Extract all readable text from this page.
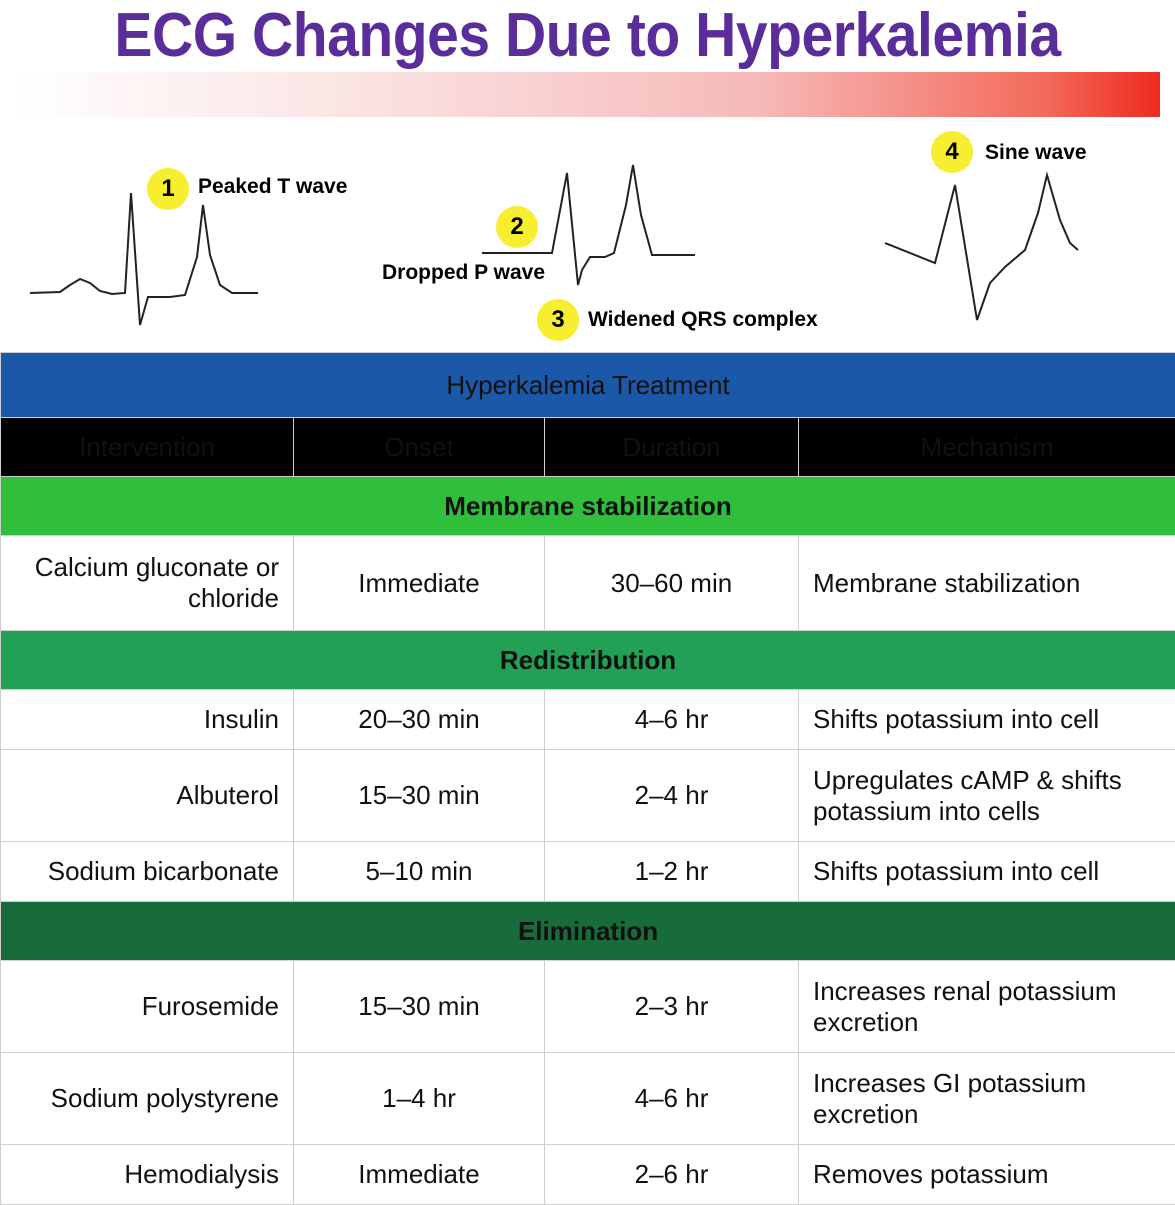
ECG Changes Due to Hyperkalemia
1	Peaked T wave
2
Dropped P wave
3	Widened QRS complex
4	Sine wave
Hyperkalemia Treatment			
Intervention	Onset	Duration	Mechanism
Membrane stabilization			
Calcium gluconate or chloride	Immediate	30–60 min	Membrane stabilization
Redistribution			
Insulin	20–30 min	4–6 hr	Shifts potassium into cell
Albuterol	15–30 min	2–4 hr	Upregulates cAMP & shifts potassium into cells
Sodium bicarbonate	5–10 min	1–2 hr	Shifts potassium into cell
Elimination			
Furosemide	15–30 min	2–3 hr	Increases renal potassium excretion
Sodium polystyrene	1–4 hr	4–6 hr	Increases GI potassium excretion
Hemodialysis	Immediate	2–6 hr	Removes potassium
